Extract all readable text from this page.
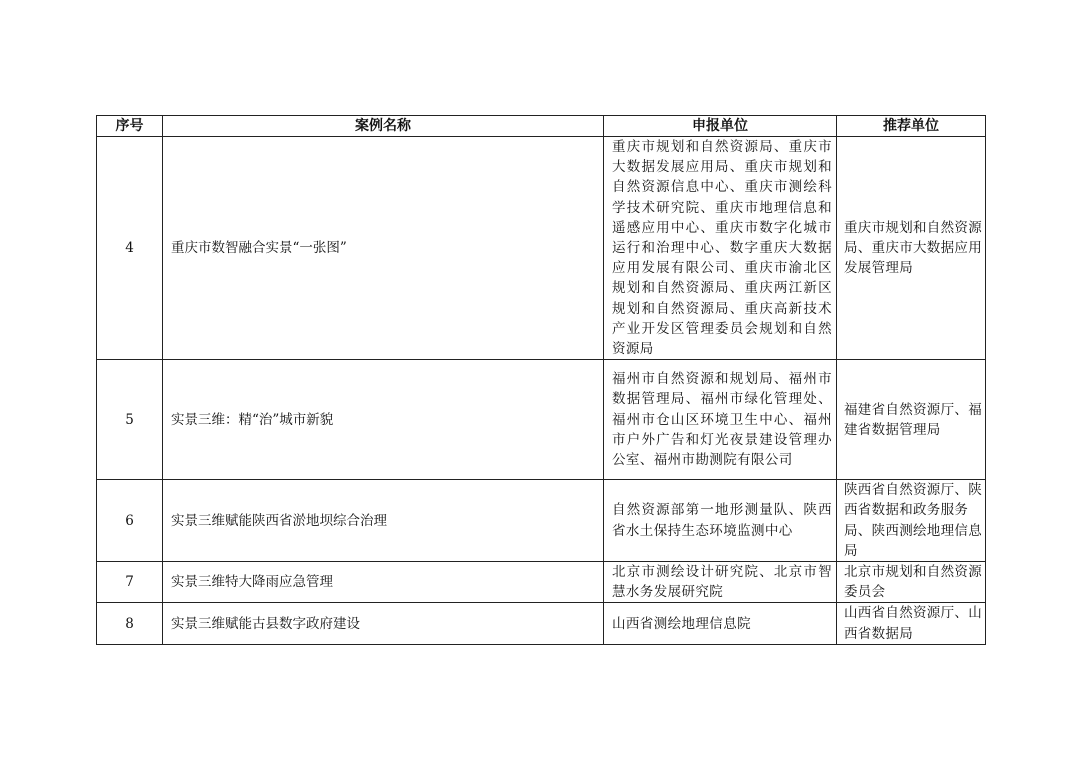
序号	案例名称	申报单位	推荐单位
4	重庆市数智融合实景“一张图”	重庆市规划和自然资源局、重庆市大数据发展应用局、重庆市规划和自然资源信息中心、重庆市测绘科学技术研究院、重庆市地理信息和遥感应用中心、重庆市数字化城市运行和治理中心、数字重庆大数据应用发展有限公司、重庆市渝北区规划和自然资源局、重庆两江新区规划和自然资源局、重庆高新技术产业开发区管理委员会规划和自然资源局	重庆市规划和自然资源局、重庆市大数据应用发展管理局
5	实景三维：精“治”城市新貌	福州市自然资源和规划局、福州市数据管理局、福州市绿化管理处、福州市仓山区环境卫生中心、福州市户外广告和灯光夜景建设管理办公室、福州市勘测院有限公司	福建省自然资源厅、福建省数据管理局
6	实景三维赋能陕西省淤地坝综合治理	自然资源部第一地形测量队、陕西省水土保持生态环境监测中心	陕西省自然资源厅、陕西省数据和政务服务局、陕西测绘地理信息局
7	实景三维特大降雨应急管理	北京市测绘设计研究院、北京市智慧水务发展研究院	北京市规划和自然资源委员会
8	实景三维赋能古县数字政府建设	山西省测绘地理信息院	山西省自然资源厅、山西省数据局
